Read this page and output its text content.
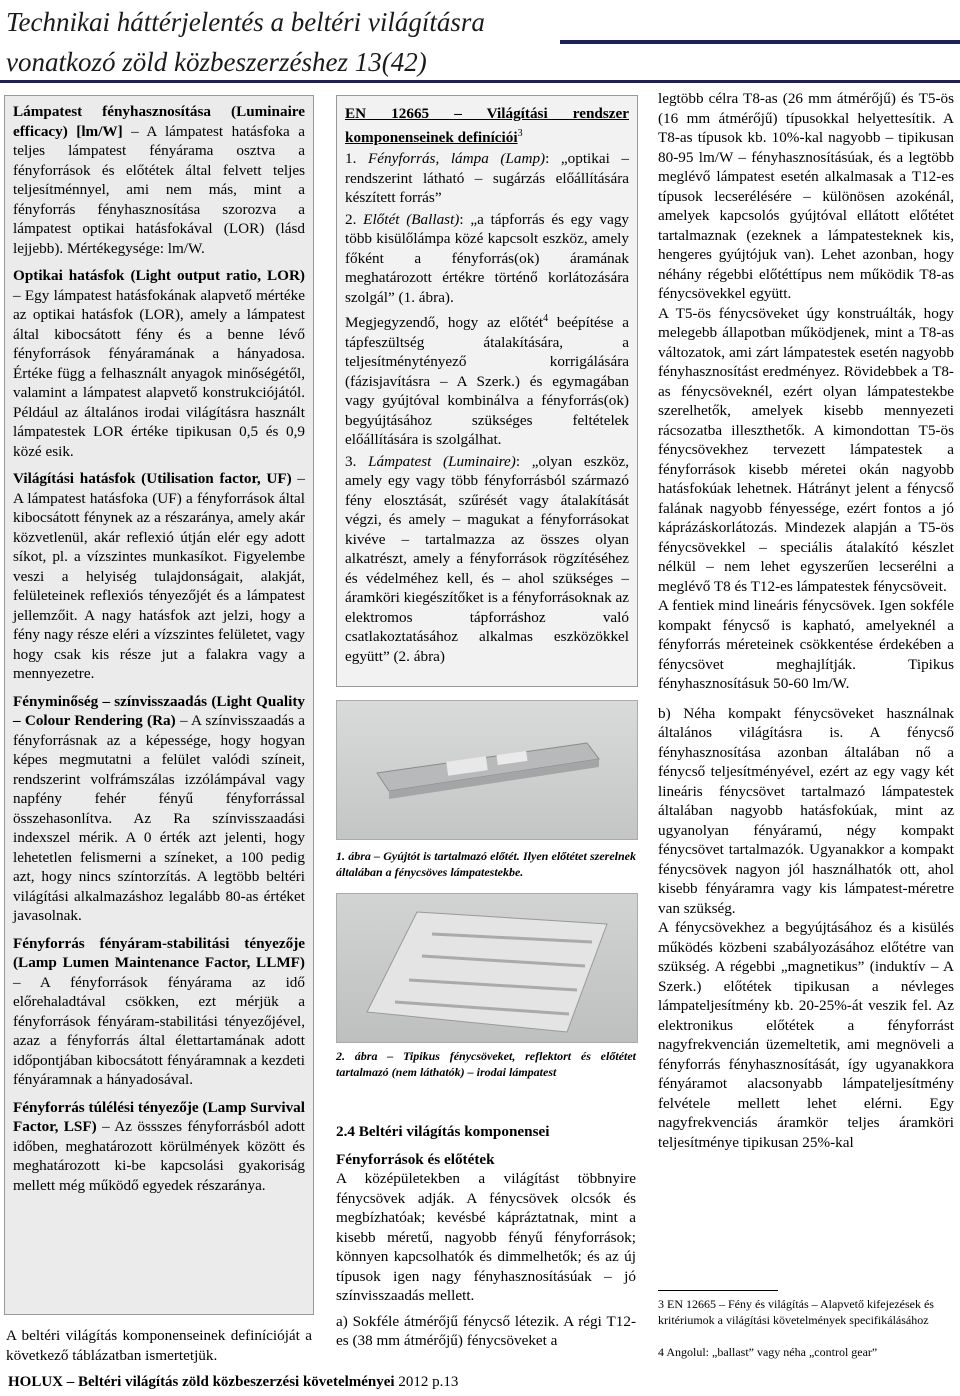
Technikai háttérjelentés a beltéri világításra
vonatkozó zöld közbeszerzéshez 13(42)

Lámpatest fényhasznosítása (Luminaire efficacy) [lm/W] – A lámpatest hatásfoka a teljes lámpatest fényárama osztva a fényforrások és előtétek által felvett teljes teljesítménnyel, ami nem más, mint a fényforrás fényhasznosítása szorozva a lámpatest optikai hatásfokával (LOR) (lásd lejjebb). Mértékegysége: lm/W.

Optikai hatásfok (Light output ratio, LOR) – Egy lámpatest hatásfokának alapvető mértéke az optikai hatásfok (LOR), amely a lámpatest által kibocsátott fény és a benne lévő fényforrások fényáramának a hányadosa. Értéke függ a felhasznált anyagok minőségétől, valamint a lámpatest alapvető konstrukciójától. Például az általános irodai világításra használt lámpatestek LOR értéke tipikusan 0,5 és 0,9 közé esik.

Világítási hatásfok (Utilisation factor, UF) – A lámpatest hatásfoka (UF) a fényforrások által kibocsátott fénynek az a részaránya, amely akár közvetlenül, akár reflexió útján elér egy adott síkot, pl. a vízszintes munkasíkot. Figyelembe veszi a helyiség tulajdonságait, alakját, felületeinek reflexiós tényezőjét és a lámpatest jellemzőit. A nagy hatásfok azt jelzi, hogy a fény nagy része eléri a vízszintes felületet, vagy hogy csak kis része jut a falakra vagy a mennyezetre.

Fényminőség – színvisszaadás (Light Quality – Colour Rendering (Ra) – A színvisszaadás a fényforrásnak az a képessége, hogy hogyan képes megmutatni a felület valódi színeit, rendszerint volfrámszálas izzólámpával vagy napfény fehér fényű fényforrással összehasonlítva. Az Ra színvisszaadási indexszel mérik. A 0 érték azt jelenti, hogy lehetetlen felismerni a színeket, a 100 pedig azt, hogy nincs színtorzítás. A legtöbb beltéri világítási alkalmazáshoz legalább 80-as értéket javasolnak.

Fényforrás fényáram-stabilitási tényezője (Lamp Lumen Maintenance Factor, LLMF) – A fényforrások fényárama az idő előrehaladtával csökken, ezt mérjük a fényforrások fényáram-stabilitási tényezőjével, azaz a fényforrás által élettartamának adott időpontjában kibocsátott fényáramnak a kezdeti fényáramnak a hányadosával.

Fényforrás túlélési tényezője (Lamp Survival Factor, LSF) – Az össszes fényforrásból adott időben, meghatározott körülmények között és meghatározott ki-be kapcsolási gyakoriság mellett még működő egyedek részaránya.

A beltéri világítás komponenseinek definícióját a következő táblázatban ismertetjük.

EN 12665 – Világítási rendszer komponenseinek definíciói$^3$

1. Fényforrás, lámpa (Lamp): „optikai – rendszerint látható – sugárzás előállítására készített forrás”

2. Előtét (Ballast): „a tápforrás és egy vagy több kisülőlámpa közé kapcsolt eszköz, amely főként a fényforrás(ok) áramának meghatározott értékre történő korlátozására szolgál” (1. ábra).

Megjegyzendő, hogy az előtét$^4$ beépítése a tápfeszültség átalakítására, a teljesítménytényező korrigálására (fázisjavításra – A Szerk.) és egymagában vagy gyújtóval kombinálva a fényforrás(ok) begyújtásához szükséges feltételek előállítására is szolgálhat.

3. Lámpatest (Luminaire): „olyan eszköz, amely egy vagy több fényforrásból származó fény elosztását, szűrését vagy átalakítását végzi, és amely – magukat a fényforrásokat kivéve – tartalmazza az összes olyan alkatrészt, amely a fényforrások rögzítéséhez és védelméhez kell, és – ahol szükséges – áramköri kiegészítőket is a fényforrásoknak az elektromos tápforráshoz való csatlakoztatásához alkalmas eszközökkel együtt” (2. ábra)

1. ábra – Gyújtót is tartalmazó előtét. Ilyen előtétet szerelnek általában a fénycsöves lámpatestekbe.
2. ábra – Tipikus fénycsöveket, reflektort és előtétet tartalmazó (nem láthatók) – irodai lámpatest

2.4 Beltéri világítás komponensei

Fényforrások és előtétek

A középületekben a világítást többnyire fénycsövek adják. A fénycsövek olcsók és megbízhatóak; kevésbé kápráztatnak, mint a kisebb méretű, nagyobb fényű fényforrások; könnyen kapcsolhatók és dimmelhetők; és az új típusok igen nagy fényhasznosításúak – jó színvisszaadás mellett.

a) Sokféle átmérőjű fénycső létezik. A régi T12-es (38 mm átmérőjű) fénycsöveket a

legtöbb célra T8-as (26 mm átmérőjű) és T5-ös (16 mm átmérőjű) típusokkal helyettesítik. A T8-as típusok kb. 10%-kal nagyobb – tipikusan 80-95 lm/W – fényhasznosításúak, és a legtöbb meglévő lámpatest esetén alkalmasak a T12-es típusok lecserélésére – különösen azokénál, amelyek kapcsolós gyújtóval ellátott előtétet tartalmaznak (ezeknek a lámpatesteknek kis, hengeres gyújtójuk van). Lehet azonban, hogy néhány régebbi előtéttípus nem működik T8-as fénycsövekkel együtt.

A T5-ös fénycsöveket úgy konstruálták, hogy melegebb állapotban működjenek, mint a T8-as változatok, ami zárt lámpatestek esetén nagyobb fényhasznosítást eredményez. Rövidebbek a T8-as fénycsöveknél, ezért olyan lámpatestekbe szerelhetők, amelyek kisebb mennyezeti rácsozatba illeszthetők. A kimondottan T5-ös fénycsövekhez tervezett lámpatestek a fényforrások kisebb méretei okán nagyobb hatásfokúak lehetnek. Hátrányt jelent a fénycső falának nagyobb fényessége, ezért fontos a jó káprázáskorlátozás. Mindezek alapján a T5-ös fénycsövekkel – speciális átalakító készlet nélkül – nem lehet egyszerűen lecserélni a meglévő T8 és T12-es lámpatestek fénycsöveit.

A fentiek mind lineáris fénycsövek. Igen sokféle kompakt fénycső is kapható, amelyeknél a fényforrás méreteinek csökkentése érdekében a fénycsövet meghajlítják. Tipikus fényhasznosításuk 50-60 lm/W.

b) Néha kompakt fénycsöveket használnak általános világításra is. A fénycső fényhasznosítása azonban általában nő a fénycső teljesítményével, ezért az egy vagy két lineáris fénycsövet tartalmazó lámpatestek általában nagyobb hatásfokúak, mint az ugyanolyan fényáramú, négy kompakt fénycsövet tartalmazók. Ugyanakkor a kompakt fénycsövek nagyon jól használhatók ott, ahol kisebb fényáramra vagy kis lámpatest-méretre van szükség.

A fénycsövekhez a begyújtásához és a kisülés működés közbeni szabályozásához előtétre van szükség. A régebbi „magnetikus” (induktív – A Szerk.) előtétek tipikusan a névleges lámpateljesítmény kb. 20-25%-át veszik fel. Az elektronikus előtétek a fényforrást nagyfrekvencián üzemeltetik, ami megnöveli a fényforrás fényhasznosítását, így ugyanakkora fényáramot alacsonyabb lámpateljesítmény felvétele mellett lehet elérni. Egy nagyfrekvenciás áramkör teljes áramköri teljesítménye tipikusan 25%-kal

3 EN 12665 – Fény és világítás – Alapvető kifejezések és kritériumok a világítási követelmények specifikálásához
4 Angolul: „ballast” vagy néha „control gear”
HOLUX – Beltéri világítás zöld közbeszerzési követelményei 2012 p.13
